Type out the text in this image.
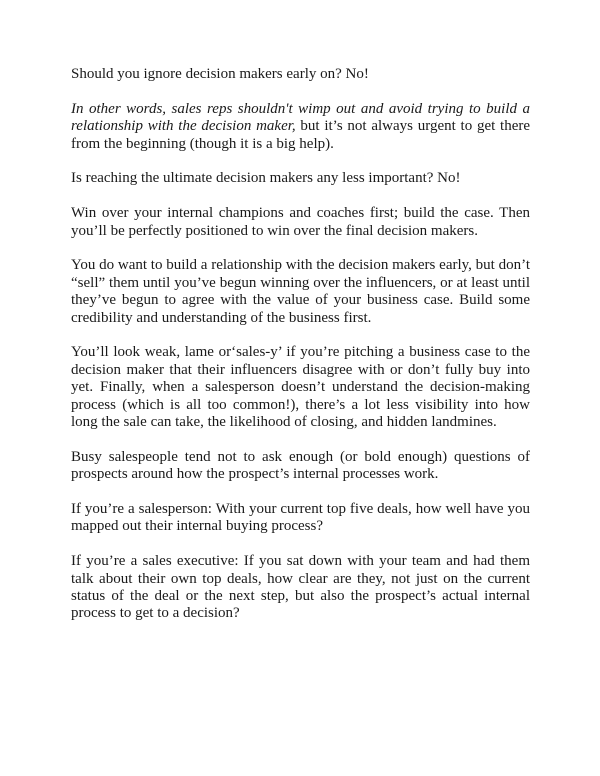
Should you ignore decision makers early on? No!

In other words, sales reps shouldn't wimp out and avoid trying to build a relationship with the decision maker, but it’s not always urgent to get there from the beginning (though it is a big help).

Is reaching the ultimate decision makers any less important? No!

Win over your internal champions and coaches first; build the case. Then you’ll be perfectly positioned to win over the final decision makers.

You do want to build a relationship with the decision makers early, but don’t “sell” them until you’ve begun winning over the influencers, or at least until they’ve begun to agree with the value of your business case. Build some credibility and understanding of the business first.

You’ll look weak, lame or‘sales-y’ if you’re pitching a business case to the decision maker that their influencers disagree with or don’t fully buy into yet. Finally, when a salesperson doesn’t understand the decision-making process (which is all too common!), there’s a lot less visibility into how long the sale can take, the likelihood of closing, and hidden landmines.

Busy salespeople tend not to ask enough (or bold enough) questions of prospects around how the prospect’s internal processes work.

If you’re a salesperson: With your current top five deals, how well have you mapped out their internal buying process?

If you’re a sales executive: If you sat down with your team and had them talk about their own top deals, how clear are they, not just on the current status of the deal or the next step, but also the prospect’s actual internal process to get to a decision?
